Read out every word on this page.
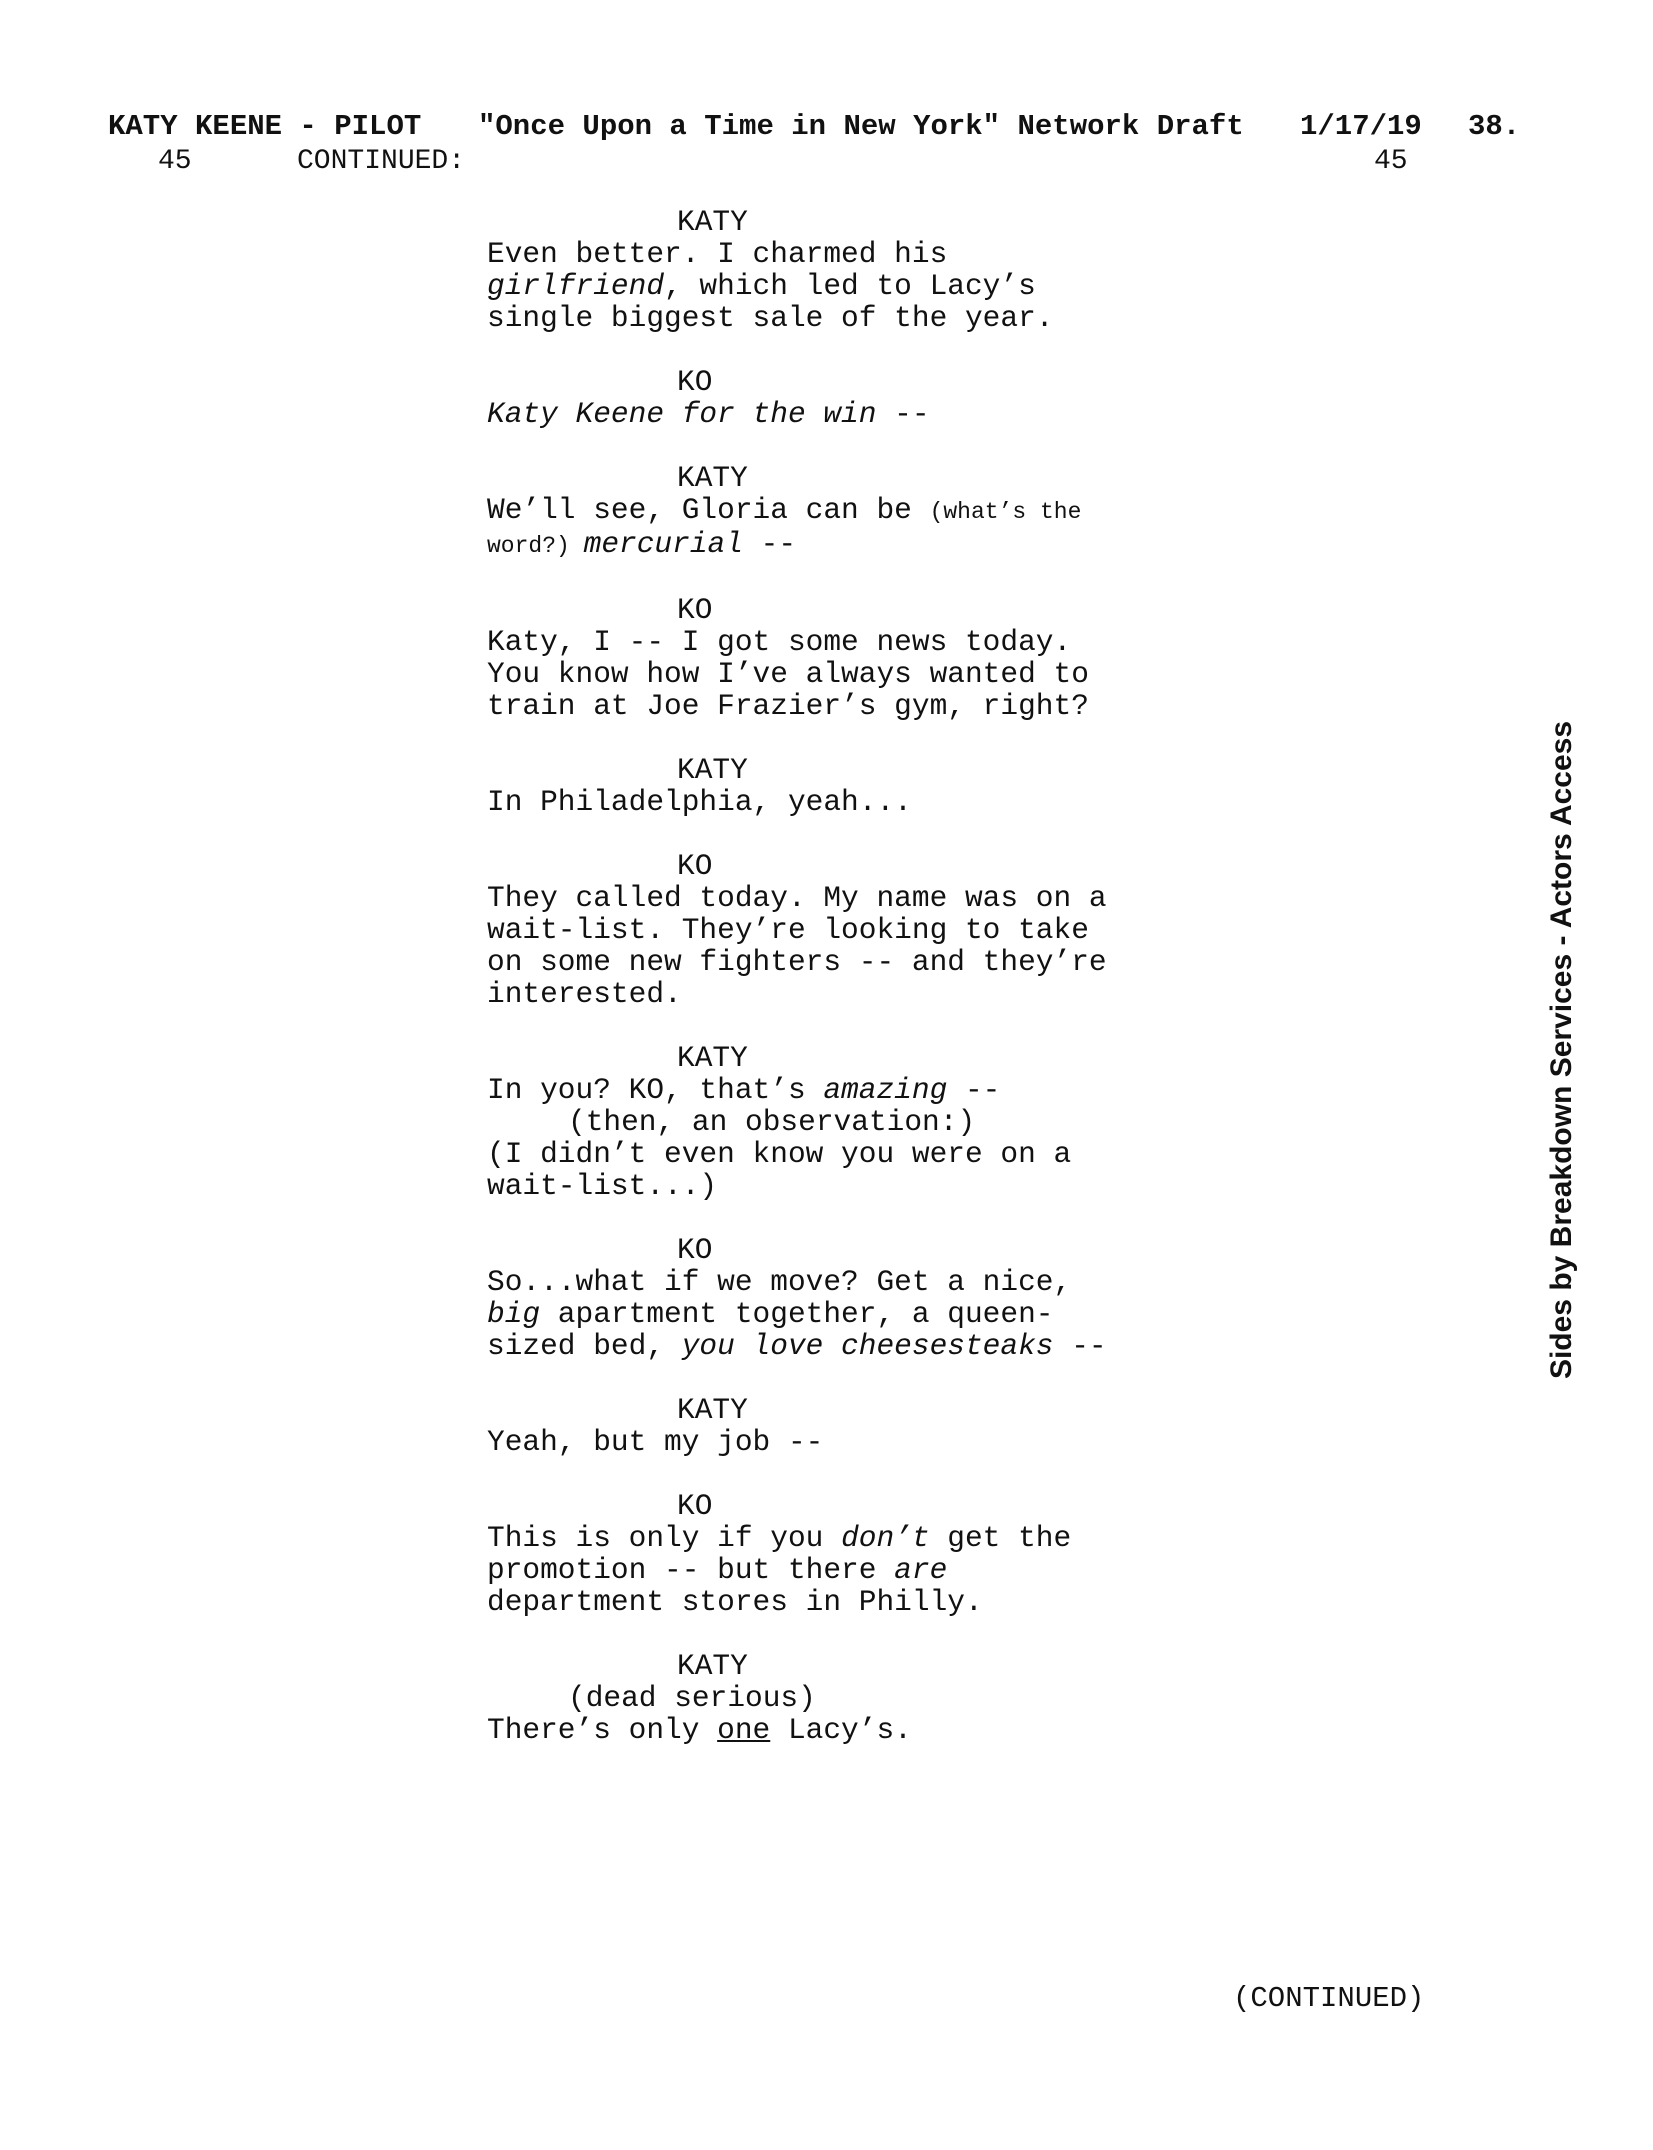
KATY KEENE - PILOT

"Once Upon a Time in New York" Network Draft

1/17/19

38.

45	CONTINUED:	45
KATY
Even better. I charmed his
girlfriend, which led to Lacy’s
single biggest sale of the year.
KO
Katy Keene for the win --
KATY
We’ll see, Gloria can be (what’s the
word?) mercurial --
KO
Katy, I -- I got some news today.
You know how I’ve always wanted to
train at Joe Frazier’s gym, right?
KATY
In Philadelphia, yeah...
KO
They called today. My name was on a
wait-list. They’re looking to take
on some new fighters -- and they’re
interested.
KATY
In you? KO, that’s amazing --
(then, an observation:)
(I didn’t even know you were on a
wait-list...)
KO
So...what if we move? Get a nice,
big apartment together, a queen-
sized bed, you love cheesesteaks --
KATY
Yeah, but my job --
KO
This is only if you don’t get the
promotion -- but there are
department stores in Philly.
KATY
(dead serious)
There’s only one Lacy’s.
(CONTINUED)
Sides by Breakdown Services - Actors Access
